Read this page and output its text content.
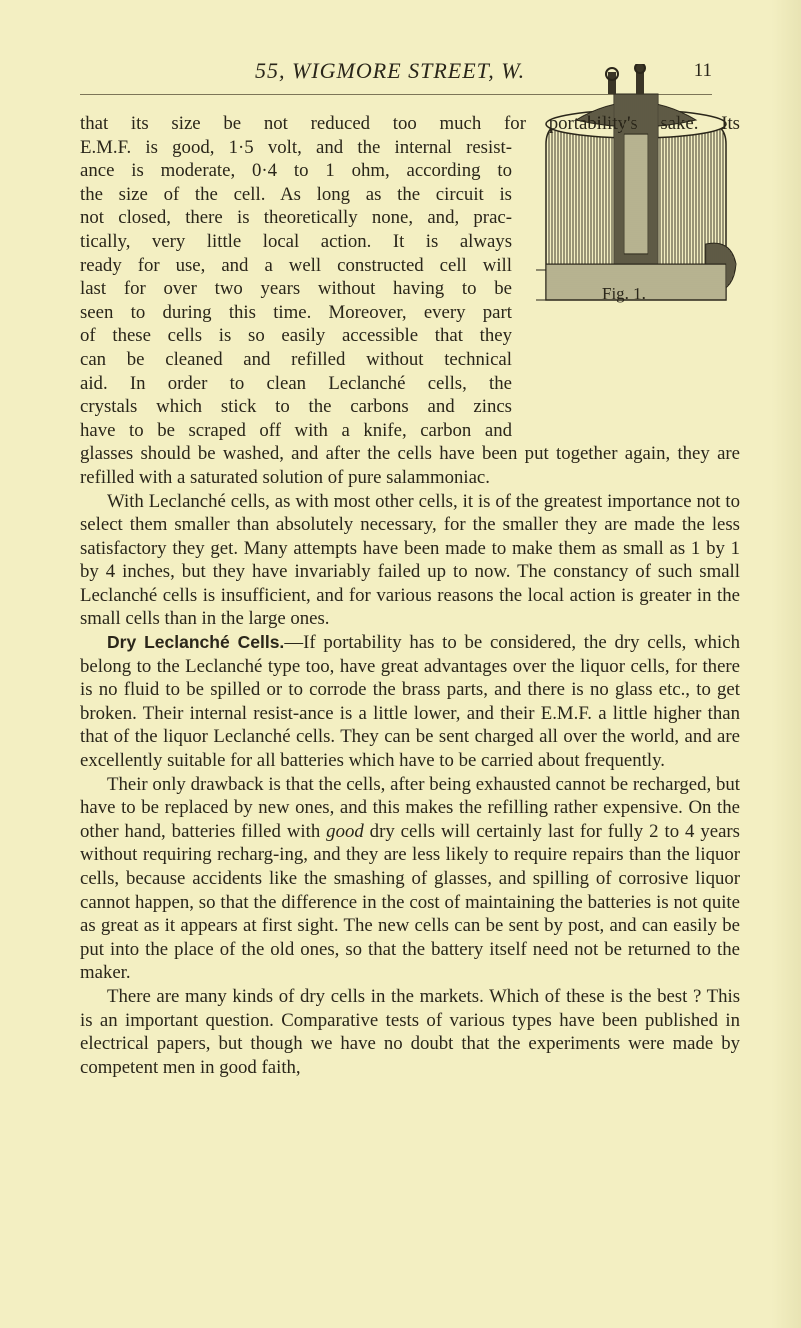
55, WIGMORE STREET, W.	11
Fig. 1.
that its size be not reduced too much for portability's sake. Its
E.M.F. is good, 1·5 volt, and the internal resist-
ance is moderate, 0·4 to 1 ohm, according to
the size of the cell. As long as the circuit is
not closed, there is theoretically none, and, prac-
tically, very little local action. It is always
ready for use, and a well constructed cell will
last for over two years without having to be
seen to during this time. Moreover, every part
of these cells is so easily accessible that they
can be cleaned and refilled without technical
aid. In order to clean Leclanché cells, the
crystals which stick to the carbons and zincs
have to be scraped off with a knife, carbon and

glasses should be washed, and after the cells have been put together again, they are refilled with a saturated solution of pure salammoniac.

With Leclanché cells, as with most other cells, it is of the greatest importance not to select them smaller than absolutely necessary, for the smaller they are made the less satisfactory they get. Many attempts have been made to make them as small as 1 by 1 by 4 inches, but they have invariably failed up to now. The constancy of such small Leclanché cells is insufficient, and for various reasons the local action is greater in the small cells than in the large ones.

Dry Leclanché Cells.—If portability has to be considered, the dry cells, which belong to the Leclanché type too, have great advantages over the liquor cells, for there is no fluid to be spilled or to corrode the brass parts, and there is no glass etc., to get broken. Their internal resist-ance is a little lower, and their E.M.F. a little higher than that of the liquor Leclanché cells. They can be sent charged all over the world, and are excellently suitable for all batteries which have to be carried about frequently.

Their only drawback is that the cells, after being exhausted cannot be recharged, but have to be replaced by new ones, and this makes the refilling rather expensive. On the other hand, batteries filled with good dry cells will certainly last for fully 2 to 4 years without requiring recharg-ing, and they are less likely to require repairs than the liquor cells, because accidents like the smashing of glasses, and spilling of corrosive liquor cannot happen, so that the difference in the cost of maintaining the batteries is not quite as great as it appears at first sight. The new cells can be sent by post, and can easily be put into the place of the old ones, so that the battery itself need not be returned to the maker.

There are many kinds of dry cells in the markets. Which of these is the best ? This is an important question. Comparative tests of various types have been published in electrical papers, but though we have no doubt that the experiments were made by competent men in good faith,
